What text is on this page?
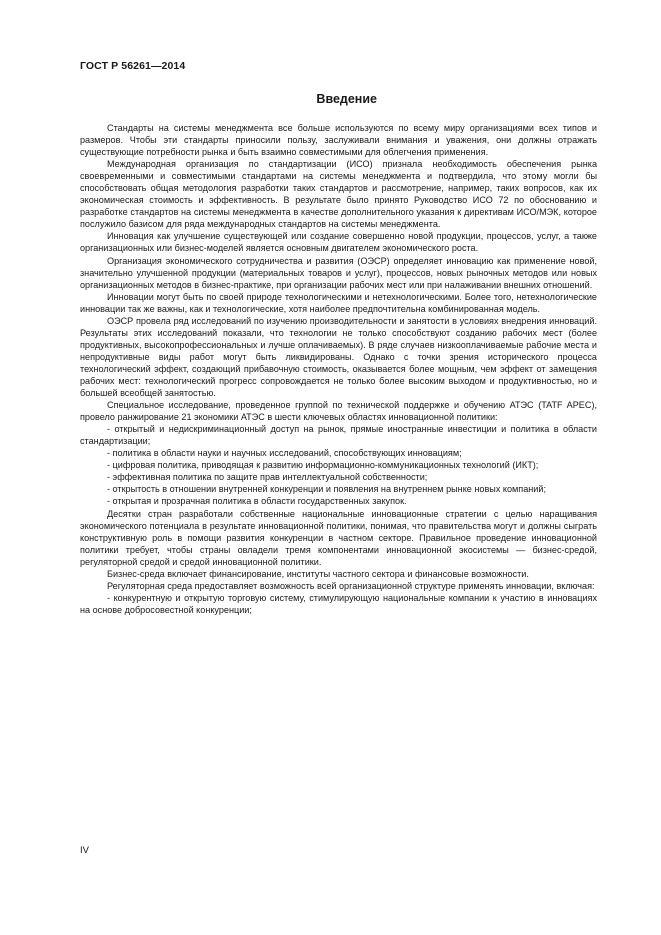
ГОСТ Р 56261—2014
Введение

Стандарты на системы менеджмента все больше используются по всему миру организациями всех типов и размеров. Чтобы эти стандарты приносили пользу, заслуживали внимания и уважения, они должны отражать существующие потребности рынка и быть взаимно совместимыми для облегчения применения.

Международная организация по стандартизации (ИСО) признала необходимость обеспечения рынка своевременными и совместимыми стандартами на системы менеджмента и подтвердила, что этому могли бы способствовать общая методология разработки таких стандартов и рассмотрение, например, таких вопросов, как их экономическая стоимость и эффективность. В результате было принято Руководство ИСО 72 по обоснованию и разработке стандартов на системы менеджмента в качестве дополнительного указания к директивам ИСО/МЭК, которое послужило базисом для ряда международных стандартов на системы менеджмента.

Инновация как улучшение существующей или создание совершенно новой продукции, процессов, услуг, а также организационных или бизнес-моделей является основным двигателем экономического роста.

Организация экономического сотрудничества и развития (ОЭСР) определяет инновацию как применение новой, значительно улучшенной продукции (материальных товаров и услуг), процессов, новых рыночных методов или новых организационных методов в бизнес-практике, при организации рабочих мест или при налаживании внешних отношений.

Инновации могут быть по своей природе технологическими и нетехнологическими. Более того, нетехнологические инновации так же важны, как и технологические, хотя наиболее предпочтительна комбинированная модель.

ОЭСР провела ряд исследований по изучению производительности и занятости в условиях внедрения инноваций. Результаты этих исследований показали, что технологии не только способствуют созданию рабочих мест (более продуктивных, высокопрофессиональных и лучше оплачиваемых). В ряде случаев низкооплачиваемые рабочие места и непродуктивные виды работ могут быть ликвидированы. Однако с точки зрения исторического процесса технологический эффект, создающий прибавочную стоимость, оказывается более мощным, чем эффект от замещения рабочих мест: технологический прогресс сопровождается не только более высоким выходом и продуктивностью, но и большей всеобщей занятостью.

Специальное исследование, проведенное группой по технической поддержке и обучению АТЭС (TATF APEC), провело ранжирование 21 экономики АТЭС в шести ключевых областях инновационной политики:

- открытый и недискриминационный доступ на рынок, прямые иностранные инвестиции и политика в области стандартизации;

- политика в области науки и научных исследований, способствующих инновациям;

- цифровая политика, приводящая к развитию информационно-коммуникационных технологий (ИКТ);

- эффективная политика по защите прав интеллектуальной собственности;

- открытость в отношении внутренней конкуренции и появления на внутреннем рынке новых компаний;

- открытая и прозрачная политика в области государственных закупок.

Десятки стран разработали собственные национальные инновационные стратегии с целью наращивания экономического потенциала в результате инновационной политики, понимая, что правительства могут и должны сыграть конструктивную роль в помощи развития конкуренции в частном секторе. Правильное проведение инновационной политики требует, чтобы страны овладели тремя компонентами инновационной экосистемы — бизнес-средой, регуляторной средой и средой инновационной политики.

Бизнес-среда включает финансирование, институты частного сектора и финансовые возможности.

Регуляторная среда предоставляет возможность всей организационной структуре применять инновации, включая:

- конкурентную и открытую торговую систему, стимулирующую национальные компании к участию в инновациях на основе добросовестной конкуренции;

IV
